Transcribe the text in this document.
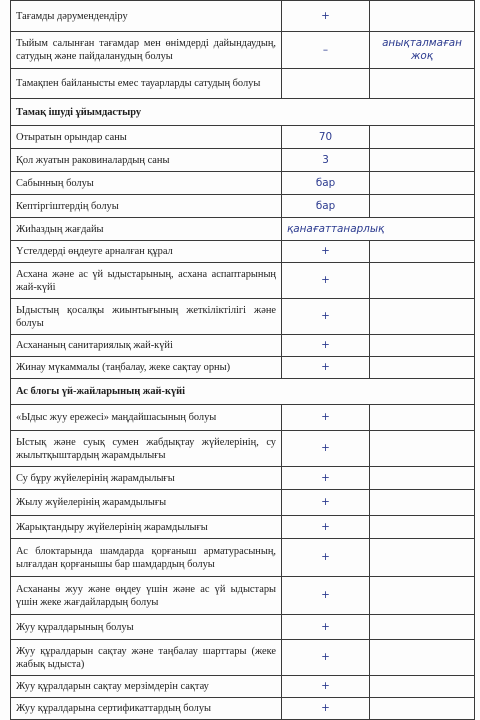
Тағамды дәрумендендіру	+	
Тыйым салынған тағамдар мен өнімдерді дайындаудың, сатудың және пайдаланудың болуы	–	анықталмаған жоқ
Тамақпен байланысты емес тауарларды сатудың болуы		
Тамақ ішуді ұйымдастыру		
Отыратын орындар саны	70	
Қол жуатын раковиналардың саны	3	
Сабынның болуы	бар	
Кептіргіштердің болуы	бар	
Жиһаздың жағдайы	қанағаттанарлық	
Үстелдерді өңдеуге арналған құрал	+	
Асхана және ас үй ыдыстарының, асхана аспаптарының жай-күйі	+	
Ыдыстың қосалқы жиынтығының жеткіліктілігі және болуы	+	
Асхананың санитариялық жай-күйі	+	
Жинау мүкаммалы (таңбалау, жеке сақтау орны)	+	
Ас блогы үй-жайларының жай-күйі		
«Ыдыс жуу ережесі» маңдайшасының болуы	+	
Ыстық және суық сумен жабдықтау жүйелерінің, су жылытқыштардың жарамдылығы	+	
Су бұру жүйелерінің жарамдылығы	+	
Жылу жүйелерінің жарамдылығы	+	
Жарықтандыру жүйелерінің жарамдылығы	+	
Ас блоктарында шамдарда қорғаныш арматурасының, ылғалдан қорғанышы бар шамдардың болуы	+	
Асхананы жуу және өңдеу үшін және ас үй ыдыстары үшін жеке жағдайлардың болуы	+	
Жуу құралдарының болуы	+	
Жуу құралдарын сақтау және таңбалау шарттары (жеке жабық ыдыста)	+	
Жуу құралдарын сақтау мерзімдерін сақтау	+	
Жуу құралдарына сертификаттардың болуы	+	
